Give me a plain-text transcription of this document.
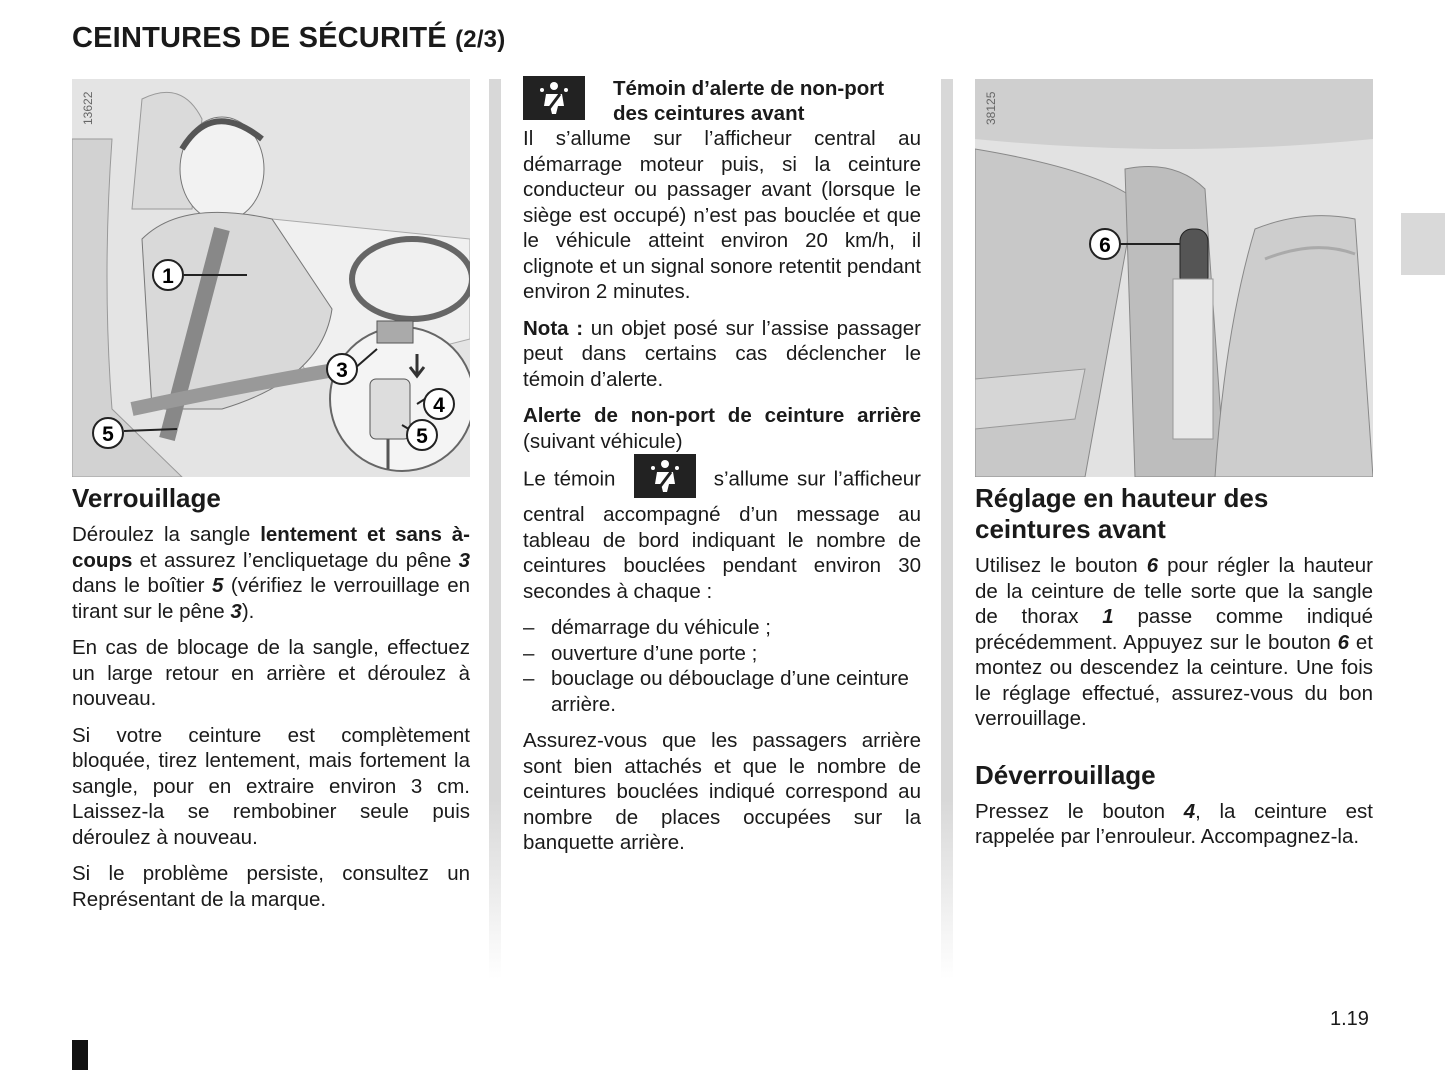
CEINTURES DE SÉCURITÉ (2/3)
1
3
4
5
5
13622
Verrouillage

Déroulez la sangle lentement et sans à-coups et assurez l’encliquetage du pêne 3 dans le boîtier 5 (vérifiez le verrouillage en tirant sur le pêne 3).

En cas de blocage de la sangle, effectuez un large retour en arrière et déroulez à nouveau.

Si votre ceinture est complètement bloquée, tirez lentement, mais fortement la sangle, pour en extraire environ 3 cm. Laissez-la se rembobiner seule puis déroulez à nouveau.

Si le problème persiste, consultez un Représentant de la marque.

Témoin d’alerte de non-port des ceintures avant

Il s’allume sur l’afficheur central au démarrage moteur puis, si la ceinture conducteur ou passager avant (lorsque le siège est occupé) n’est pas bouclée et que le véhicule atteint environ 20 km/h, il clignote et un signal sonore retentit pendant environ 2 minutes.

Nota : un objet posé sur l’assise passager peut dans certains cas déclencher le témoin d’alerte.

Alerte de non-port de ceinture arrière (suivant véhicule)

Le témoin	s’allume sur l’afficheur central accompagné d’un message au tableau de bord indiquant le nombre de ceintures bouclées pendant environ 30 secondes à chaque :

– démarrage du véhicule ;
– ouverture d’une porte ;
– bouclage ou débouclage d’une ceinture arrière.

Assurez-vous que les passagers arrière sont bien attachés et que le nombre de ceintures bouclées indiqué correspond au nombre de places occupées sur la banquette arrière.

6
38125
Réglage en hauteur des ceintures avant

Utilisez le bouton 6 pour régler la hauteur de la ceinture de telle sorte que la sangle de thorax 1 passe comme indiqué précédemment. Appuyez sur le bouton 6 et montez ou descendez la ceinture. Une fois le réglage effectué, assurez-vous du bon verrouillage.

Déverrouillage

Pressez le bouton 4, la ceinture est rappelée par l’enrouleur. Accompagnez-la.

1.19
